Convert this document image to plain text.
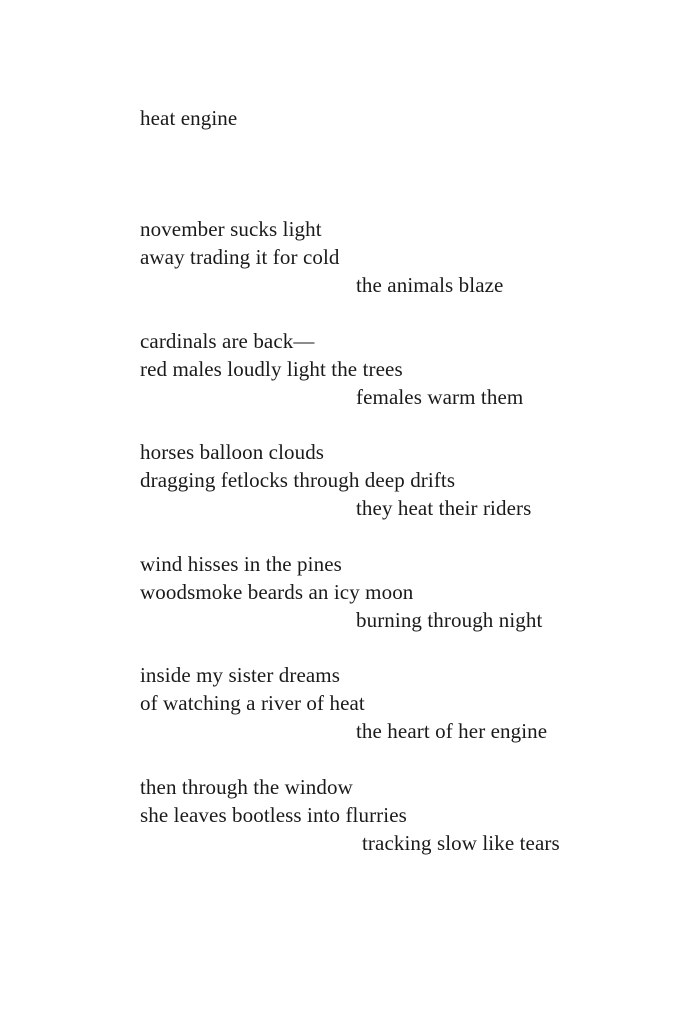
heat engine
november sucks light
away trading it for cold
the animals blaze
cardinals are back—
red males loudly light the trees
females warm them
horses balloon clouds
dragging fetlocks through deep drifts
they heat their riders
wind hisses in the pines
woodsmoke beards an icy moon
burning through night
inside my sister dreams
of watching a river of heat
the heart of her engine
then through the window
she leaves bootless into flurries
tracking slow like tears
